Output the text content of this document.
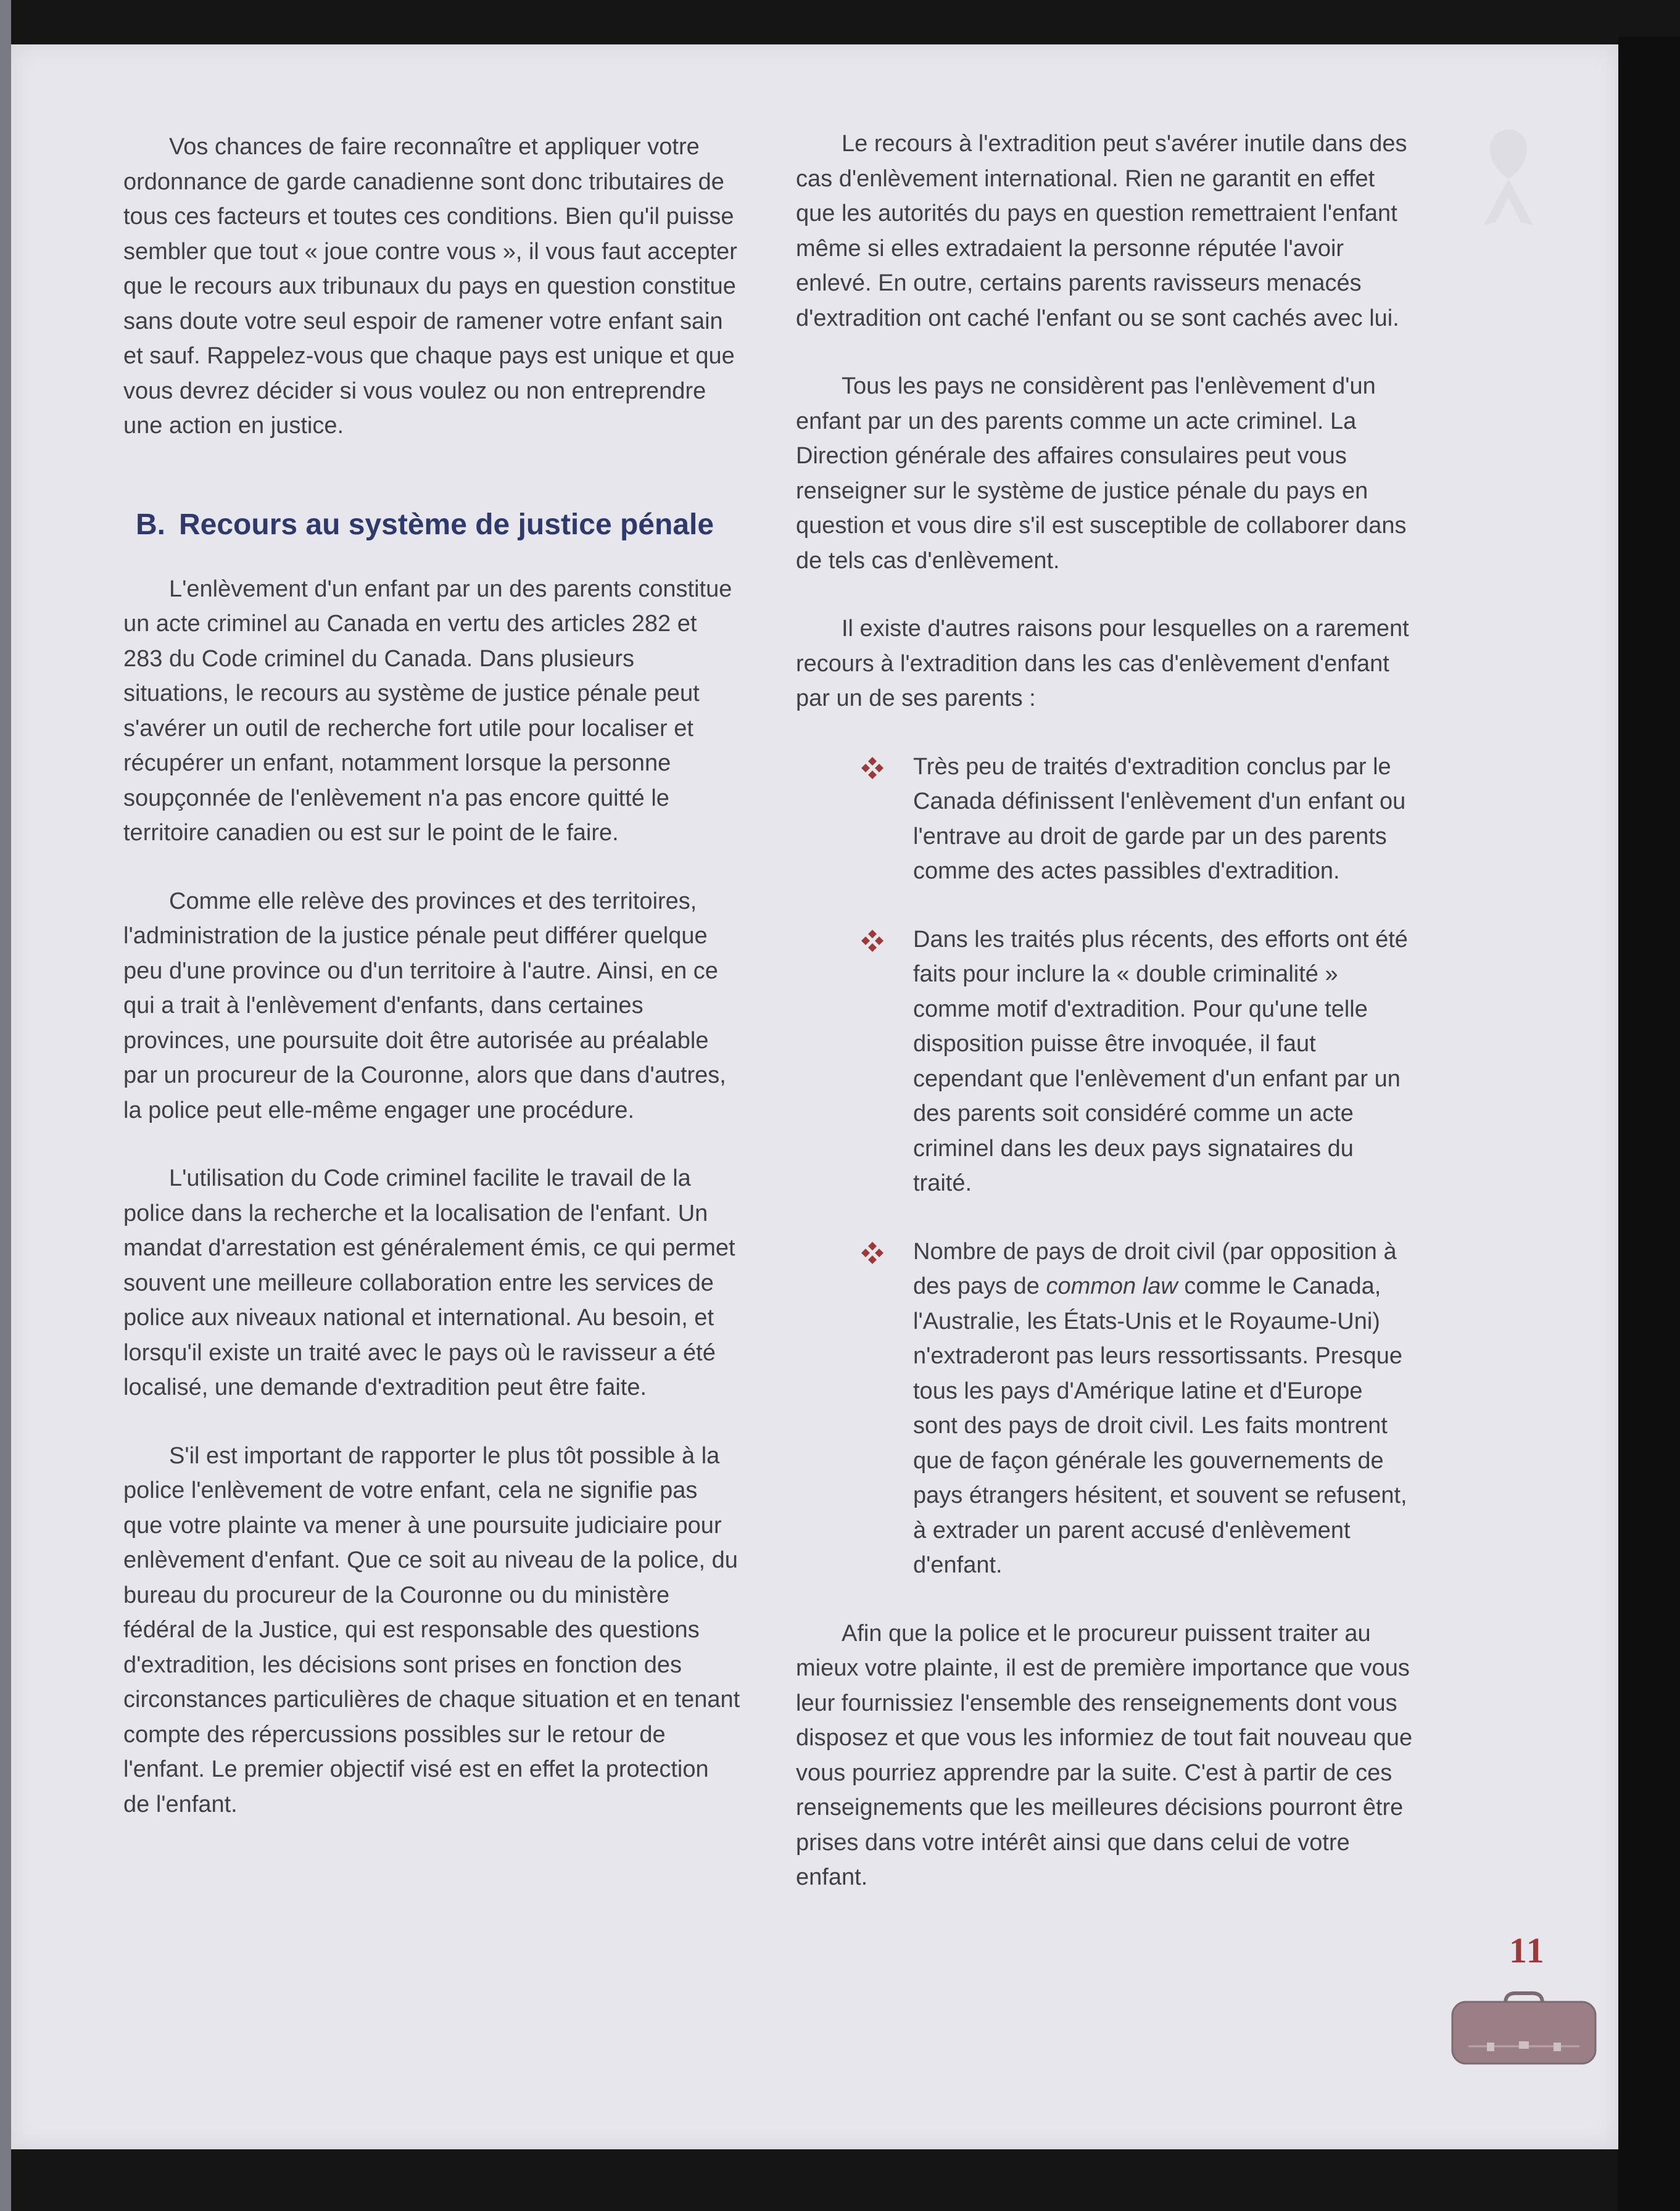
Vos chances de faire reconnaître et appliquer votre ordonnance de garde canadienne sont donc tributaires de tous ces facteurs et toutes ces conditions. Bien qu'il puisse sembler que tout « joue contre vous », il vous faut accepter que le recours aux tribunaux du pays en question constitue sans doute votre seul espoir de ramener votre enfant sain et sauf. Rappelez-vous que chaque pays est unique et que vous devrez décider si vous voulez ou non entreprendre une action en justice.

B. Recours au système de justice pénale

L'enlèvement d'un enfant par un des parents constitue un acte criminel au Canada en vertu des articles 282 et 283 du Code criminel du Canada. Dans plusieurs situations, le recours au système de justice pénale peut s'avérer un outil de recherche fort utile pour localiser et récupérer un enfant, notamment lorsque la personne soupçonnée de l'enlèvement n'a pas encore quitté le territoire canadien ou est sur le point de le faire.

Comme elle relève des provinces et des territoires, l'administration de la justice pénale peut différer quelque peu d'une province ou d'un territoire à l'autre. Ainsi, en ce qui a trait à l'enlèvement d'enfants, dans certaines provinces, une poursuite doit être autorisée au préalable par un procureur de la Couronne, alors que dans d'autres, la police peut elle-même engager une procédure.

L'utilisation du Code criminel facilite le travail de la police dans la recherche et la localisation de l'enfant. Un mandat d'arrestation est généralement émis, ce qui permet souvent une meilleure collaboration entre les services de police aux niveaux national et international. Au besoin, et lorsqu'il existe un traité avec le pays où le ravisseur a été localisé, une demande d'extradition peut être faite.

S'il est important de rapporter le plus tôt possible à la police l'enlèvement de votre enfant, cela ne signifie pas que votre plainte va mener à une poursuite judiciaire pour enlèvement d'enfant. Que ce soit au niveau de la police, du bureau du procureur de la Couronne ou du ministère fédéral de la Justice, qui est responsable des questions d'extradition, les décisions sont prises en fonction des circonstances particulières de chaque situation et en tenant compte des répercussions possibles sur le retour de l'enfant. Le premier objectif visé est en effet la protection de l'enfant.

Le recours à l'extradition peut s'avérer inutile dans des cas d'enlèvement international. Rien ne garantit en effet que les autorités du pays en question remettraient l'enfant même si elles extradaient la personne réputée l'avoir enlevé. En outre, certains parents ravisseurs menacés d'extradition ont caché l'enfant ou se sont cachés avec lui.

Tous les pays ne considèrent pas l'enlèvement d'un enfant par un des parents comme un acte criminel. La Direction générale des affaires consulaires peut vous renseigner sur le système de justice pénale du pays en question et vous dire s'il est susceptible de collaborer dans de tels cas d'enlèvement.

Il existe d'autres raisons pour lesquelles on a rarement recours à l'extradition dans les cas d'enlèvement d'enfant par un de ses parents :

Très peu de traités d'extradition conclus par le Canada définissent l'enlèvement d'un enfant ou l'entrave au droit de garde par un des parents comme des actes passibles d'extradition.
Dans les traités plus récents, des efforts ont été faits pour inclure la « double criminalité » comme motif d'extradition. Pour qu'une telle disposition puisse être invoquée, il faut cependant que l'enlèvement d'un enfant par un des parents soit considéré comme un acte criminel dans les deux pays signataires du traité.
Nombre de pays de droit civil (par opposition à des pays de common law comme le Canada, l'Australie, les États-Unis et le Royaume-Uni) n'extraderont pas leurs ressortissants. Presque tous les pays d'Amérique latine et d'Europe sont des pays de droit civil. Les faits montrent que de façon générale les gouvernements de pays étrangers hésitent, et souvent se refusent, à extrader un parent accusé d'enlèvement d'enfant.

Afin que la police et le procureur puissent traiter au mieux votre plainte, il est de première importance que vous leur fournissiez l'ensemble des renseignements dont vous disposez et que vous les informiez de tout fait nouveau que vous pourriez apprendre par la suite. C'est à partir de ces renseignements que les meilleures décisions pourront être prises dans votre intérêt ainsi que dans celui de votre enfant.

11
